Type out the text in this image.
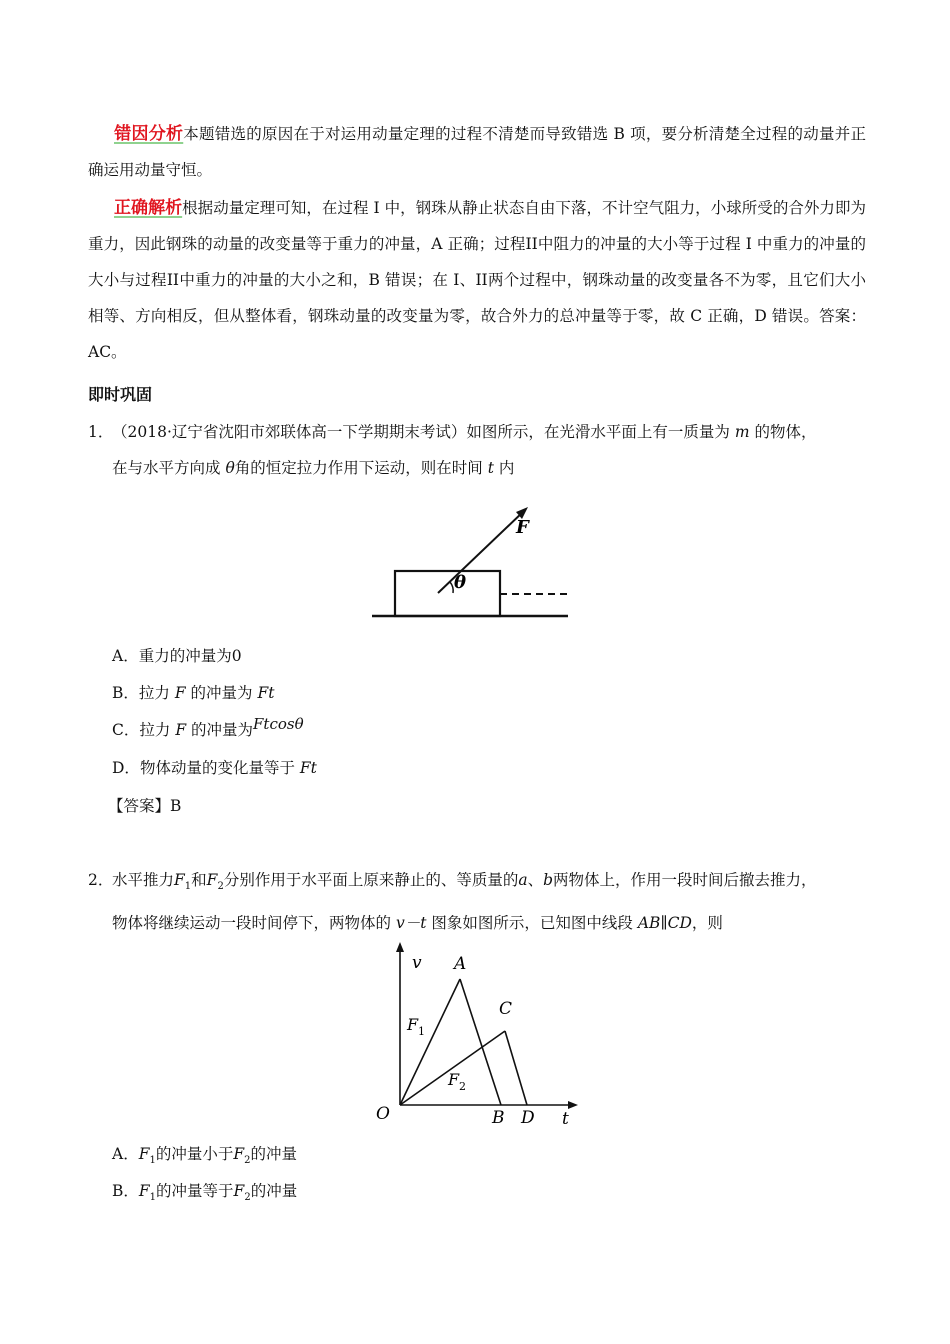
错因分析本题错选的原因在于对运用动量定理的过程不清楚而导致错选 B 项，要分析清楚全过程的动量并正确运用动量守恒。
正确解析根据动量定理可知，在过程 I 中，钢珠从静止状态自由下落，不计空气阻力，小球所受的合外力即为重力，因此钢珠的动量的改变量等于重力的冲量，A 正确；过程II中阻力的冲量的大小等于过程 I 中重力的冲量的大小与过程II中重力的冲量的大小之和，B 错误；在 I、II两个过程中，钢珠动量的改变量各不为零，且它们大小相等、方向相反，但从整体看，钢珠动量的改变量为零，故合外力的总冲量等于零，故 C 正确，D 错误。答案：AC。
即时巩固
1．（2018·辽宁省沈阳市郊联体高一下学期期末考试）如图所示，在光滑水平面上有一质量为 m 的物体，
在与水平方向成 θ角的恒定拉力作用下运动，则在时间 t 内
θ
F
A．重力的冲量为0
B．拉力 F 的冲量为 Ft
C．拉力 F 的冲量为Ftcosθ
D．物体动量的变化量等于 Ft
【答案】B
2．水平推力$F_1$和$F_2$分别作用于水平面上原来静止的、等质量的a、b两物体上，作用一段时间后撤去推力，
物体将继续运动一段时间停下，两物体的 v－t 图象如图所示，已知图中线段 AB∥CD，则
v
t
O
A
B
C
D
F 1
F 2
A．$F_1$的冲量小于$F_2$的冲量
B．$F_1$的冲量等于$F_2$的冲量
